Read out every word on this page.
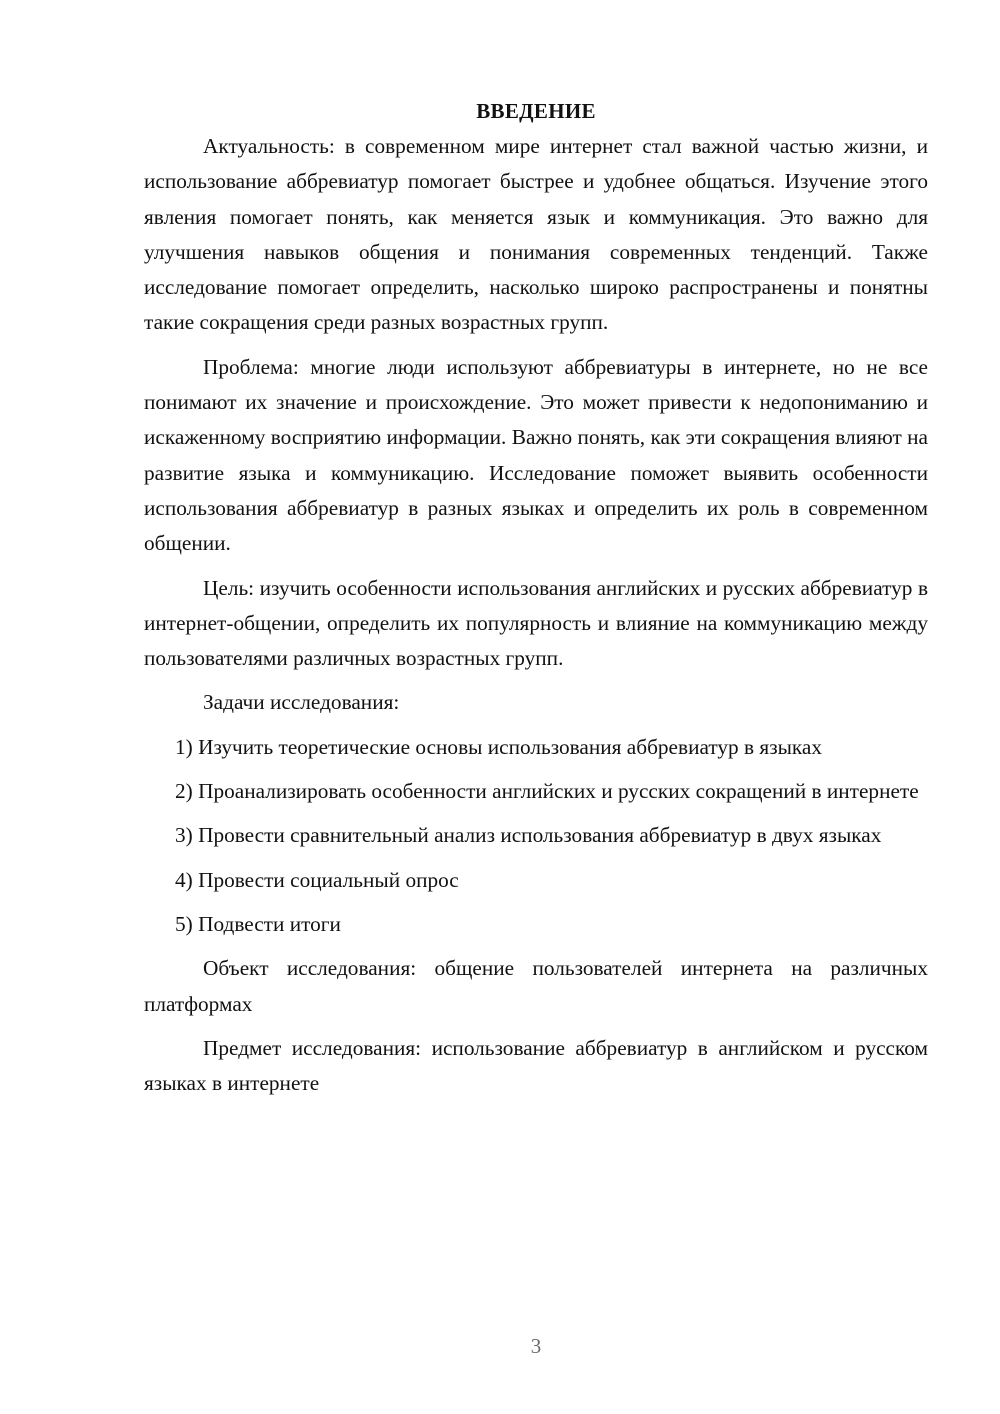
ВВЕДЕНИЕ

Актуальность: в современном мире интернет стал важной частью жизни, и использование аббревиатур помогает быстрее и удобнее общаться. Изучение этого явления помогает понять, как меняется язык и коммуникация. Это важно для улучшения навыков общения и понимания современных тенденций. Также исследование помогает определить, насколько широко распространены и понятны такие сокращения среди разных возрастных групп.

Проблема: многие люди используют аббревиатуры в интернете, но не все понимают их значение и происхождение. Это может привести к недопониманию и искаженному восприятию информации. Важно понять, как эти сокращения влияют на развитие языка и коммуникацию. Исследование поможет выявить особенности использования аббревиатур в разных языках и определить их роль в современном общении.

Цель: изучить особенности использования английских и русских аббревиатур в интернет-общении, определить их популярность и влияние на коммуникацию между пользователями различных возрастных групп.

Задачи исследования:

1) Изучить теоретические основы использования аббревиатур в языках

2) Проанализировать особенности английских и русских сокращений в интернете

3) Провести сравнительный анализ использования аббревиатур в двух языках

4) Провести социальный опрос

5) Подвести итоги

Объект исследования: общение пользователей интернета на различных платформах

Предмет исследования: использование аббревиатур в английском и русском языках в интернете

3
